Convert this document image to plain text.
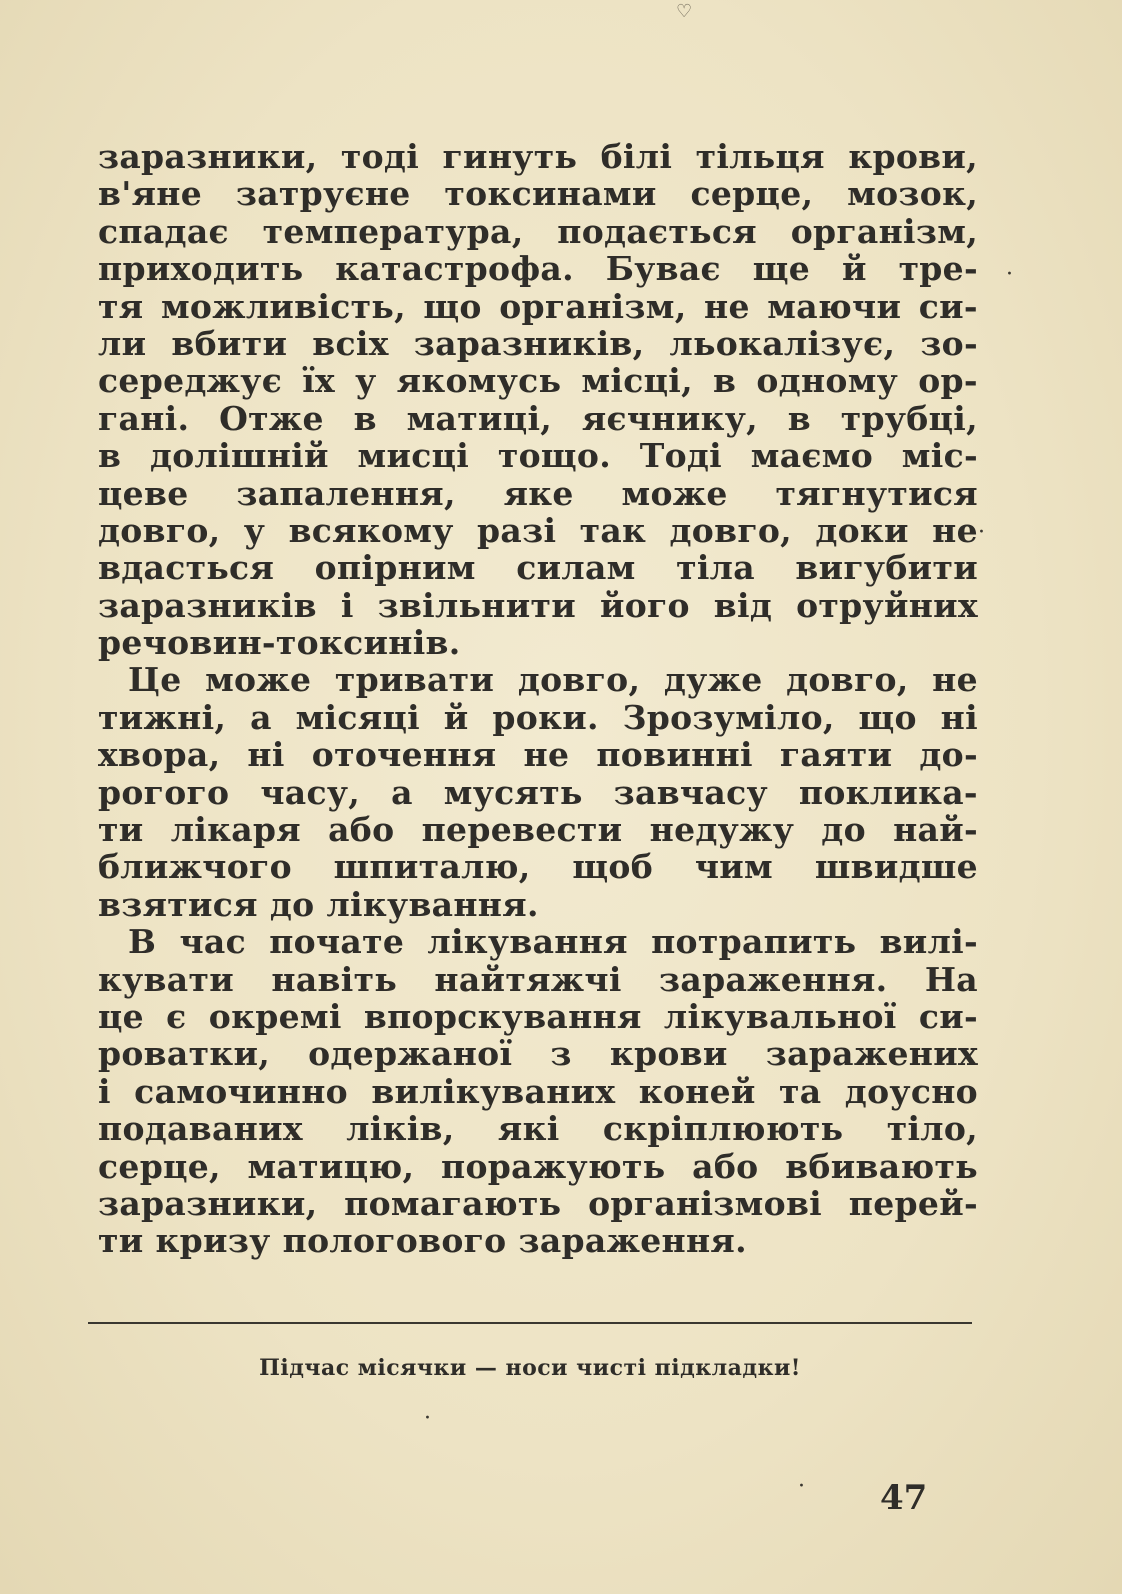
♡
заразники, тоді гинуть білі тільця крови,
в'яне затруєне токсинами серце, мозок,
спадає температура, подається організм,
приходить катастрофа. Буває ще й тре-
тя можливість, що організм, не маючи си-
ли вбити всіх заразників, льокалізує, зо-
середжує їх у якомусь місці, в одному ор-
гані. Отже в матиці, яєчнику, в трубці,
в долішній мисці тощо. Тоді маємо міс-
цеве запалення, яке може тягнутися
довго, у всякому разі так довго, доки не
вдасться опірним силам тіла вигубити
заразників і звільнити його від отруйних
речовин-токсинів.
Це може тривати довго, дуже довго, не
тижні, а місяці й роки. Зрозуміло, що ні
хвора, ні оточення не повинні гаяти до-
рогого часу, а мусять завчасу поклика-
ти лікаря або перевести недужу до най-
ближчого шпиталю, щоб чим швидше
взятися до лікування.
В час почате лікування потрапить вилі-
кувати навіть найтяжчі зараження. На
це є окремі впорскування лікувальної си-
роватки, одержаної з крови заражених
і самочинно вилікуваних коней та доусно
подаваних ліків, які скріплюють тіло,
серце, матицю, поражують або вбивають
заразники, помагають організмові перей-
ти кризу пологового зараження.
Підчас місячки — носи чисті підкладки!
·
·
·
· 47
